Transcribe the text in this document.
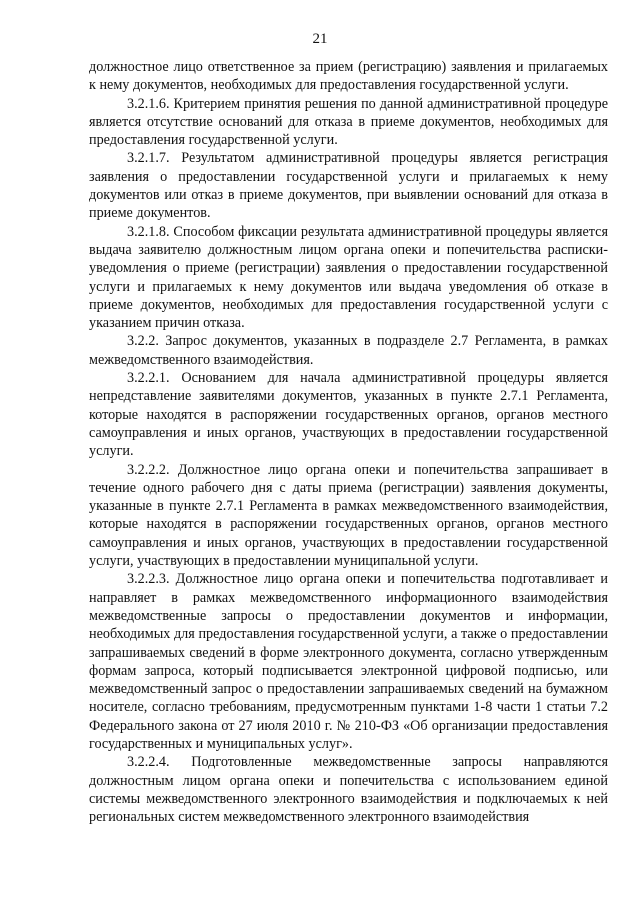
21

должностное лицо ответственное за прием (регистрацию) заявления и прилагаемых к нему документов, необходимых для предоставления государственной услуги.

3.2.1.6. Критерием принятия решения по данной административной процедуре является отсутствие оснований для отказа в приеме документов, необходимых для предоставления государственной услуги.

3.2.1.7. Результатом административной процедуры является регистрация заявления о предоставлении государственной услуги и прилагаемых к нему документов или отказ в приеме документов, при выявлении оснований для отказа в приеме документов.

3.2.1.8. Способом фиксации результата административной процедуры является выдача заявителю должностным лицом органа опеки и попечительства расписки-уведомления о приеме (регистрации) заявления о предоставлении государственной услуги и прилагаемых к нему документов или выдача уведомления об отказе в приеме документов, необходимых для предоставления государственной услуги с указанием причин отказа.

3.2.2. Запрос документов, указанных в подразделе 2.7 Регламента, в рамках межведомственного взаимодействия.

3.2.2.1. Основанием для начала административной процедуры является непредставление заявителями документов, указанных в пункте 2.7.1 Регламента, которые находятся в распоряжении государственных органов, органов местного самоуправления и иных органов, участвующих в предоставлении государственной услуги.

3.2.2.2. Должностное лицо органа опеки и попечительства запрашивает в течение одного рабочего дня с даты приема (регистрации) заявления документы, указанные в пункте 2.7.1 Регламента в рамках межведомственного взаимодействия, которые находятся в распоряжении государственных органов, органов местного самоуправления и иных органов, участвующих в предоставлении государственной услуги, участвующих в предоставлении муниципальной услуги.

3.2.2.3. Должностное лицо органа опеки и попечительства подготавливает и направляет в рамках межведомственного информационного взаимодействия межведомственные запросы о предоставлении документов и информации, необходимых для предоставления государственной услуги, а также о предоставлении запрашиваемых сведений в форме электронного документа, согласно утвержденным формам запроса, который подписывается электронной цифровой подписью, или межведомственный запрос о предоставлении запрашиваемых сведений на бумажном носителе, согласно требованиям, предусмотренным пунктами 1-8 части 1 статьи 7.2 Федерального закона от 27 июля 2010 г. № 210-ФЗ «Об организации предоставления государственных и муниципальных услуг».

3.2.2.4. Подготовленные межведомственные запросы направляются должностным лицом органа опеки и попечительства с использованием единой системы межведомственного электронного взаимодействия и подключаемых к ней региональных систем межведомственного электронного взаимодействия
